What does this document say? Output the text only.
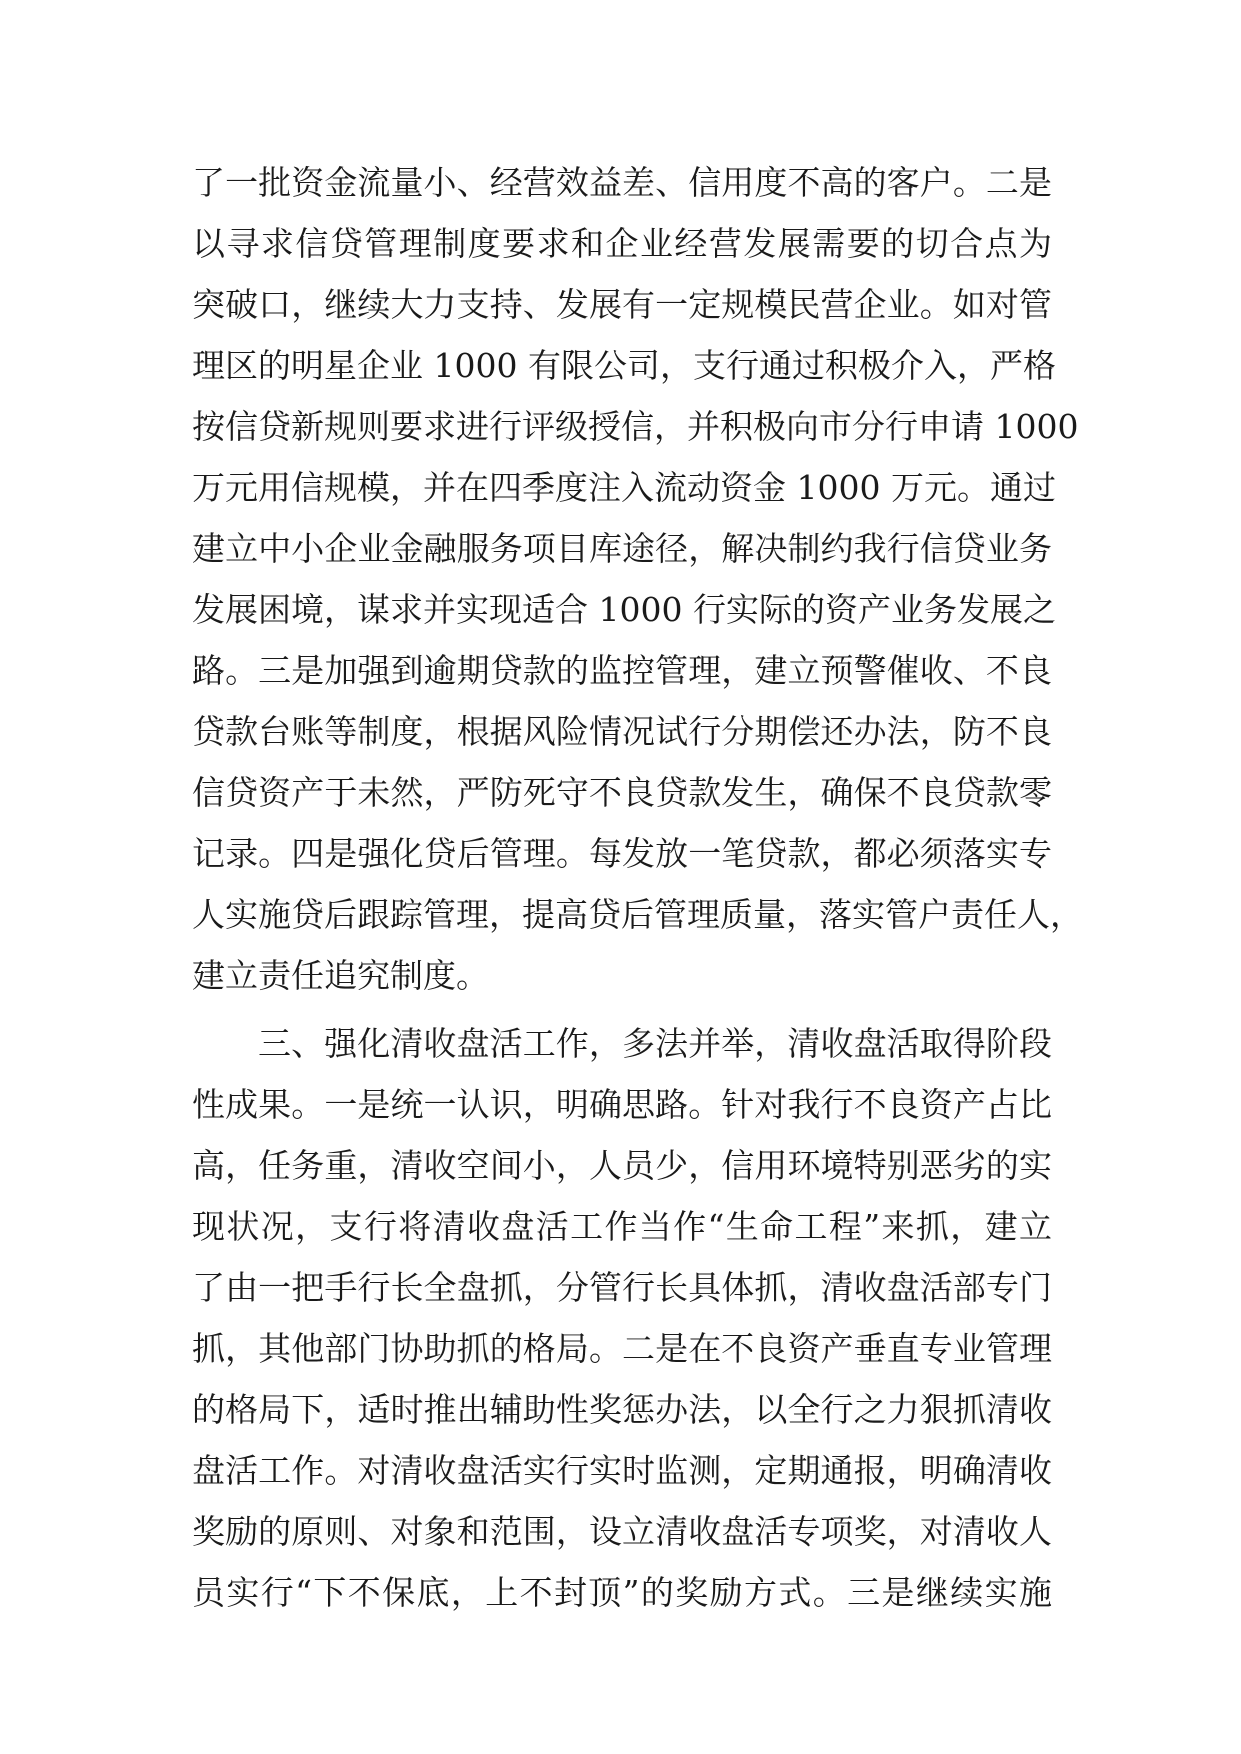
了一批资金流量小、经营效益差、信用度不高的客户。二是
以寻求信贷管理制度要求和企业经营发展需要的切合点为
突破口，继续大力支持、发展有一定规模民营企业。如对管
理区的明星企业 1000 有限公司，支行通过积极介入，严格
按信贷新规则要求进行评级授信，并积极向市分行申请 1000
万元用信规模，并在四季度注入流动资金 1000 万元。通过
建立中小企业金融服务项目库途径，解决制约我行信贷业务
发展困境，谋求并实现适合 1000 行实际的资产业务发展之
路。三是加强到逾期贷款的监控管理，建立预警催收、不良
贷款台账等制度，根据风险情况试行分期偿还办法，防不良
信贷资产于未然，严防死守不良贷款发生，确保不良贷款零
记录。四是强化贷后管理。每发放一笔贷款，都必须落实专
人实施贷后跟踪管理，提高贷后管理质量，落实管户责任人，
建立责任追究制度。
三、强化清收盘活工作，多法并举，清收盘活取得阶段
性成果。一是统一认识，明确思路。针对我行不良资产占比
高，任务重，清收空间小，人员少，信用环境特别恶劣的实
现状况，支行将清收盘活工作当作“生命工程”来抓，建立
了由一把手行长全盘抓，分管行长具体抓，清收盘活部专门
抓，其他部门协助抓的格局。二是在不良资产垂直专业管理
的格局下，适时推出辅助性奖惩办法，以全行之力狠抓清收
盘活工作。对清收盘活实行实时监测，定期通报，明确清收
奖励的原则、对象和范围，设立清收盘活专项奖，对清收人
员实行“下不保底，上不封顶”的奖励方式。三是继续实施
